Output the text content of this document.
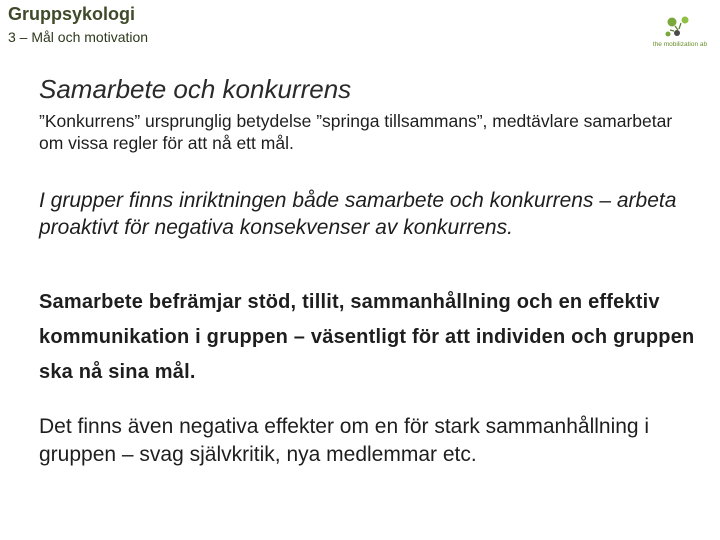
Gruppsykologi
3 – Mål och motivation	the mobilization ab
Samarbete och konkurrens

”Konkurrens” ursprunglig betydelse ”springa tillsammans”, medtävlare samarbetar om vissa regler för att nå ett mål.

I grupper finns inriktningen både samarbete och konkurrens – arbeta proaktivt för negativa konsekvenser av konkurrens.

Samarbete befrämjar stöd, tillit, sammanhållning och en effektiv kommunikation i gruppen – väsentligt för att individen och gruppen ska nå sina mål.

Det finns även negativa effekter om en för stark sammanhållning i gruppen – svag självkritik, nya medlemmar etc.
